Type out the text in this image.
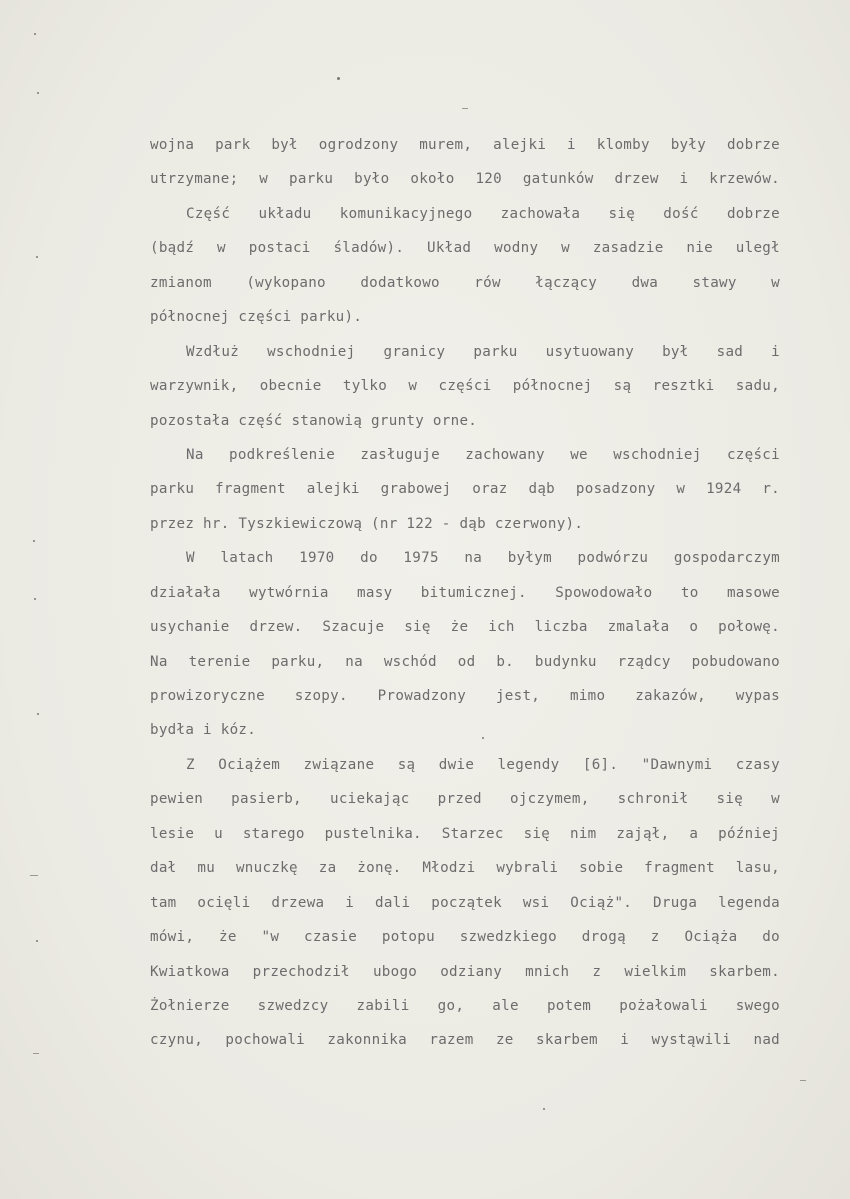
wojna park był ogrodzony murem, alejki i klomby były dobrze
utrzymane; w parku było około 120 gatunków drzew i krzewów.
Część układu komunikacyjnego zachowała się dość dobrze
(bądź w postaci śladów). Układ wodny w zasadzie nie uległ
zmianom (wykopano dodatkowo rów łączący dwa stawy w
północnej części parku).
Wzdłuż wschodniej granicy parku usytuowany był sad i
warzywnik, obecnie tylko w części północnej są resztki sadu,
pozostała część stanowią grunty orne.
Na podkreślenie zasługuje zachowany we wschodniej części
parku fragment alejki grabowej oraz dąb posadzony w 1924 r.
przez hr. Tyszkiewiczową (nr 122 - dąb czerwony).
W latach 1970 do 1975 na byłym podwórzu gospodarczym
działała wytwórnia masy bitumicznej. Spowodowało to masowe
usychanie drzew. Szacuje się że ich liczba zmalała o połowę.
Na terenie parku, na wschód od b. budynku rządcy pobudowano
prowizoryczne szopy. Prowadzony jest, mimo zakazów, wypas
bydła i kóz.
Z Ociążem związane są dwie legendy [6]. "Dawnymi czasy
pewien pasierb, uciekając przed ojczymem, schronił się w
lesie u starego pustelnika. Starzec się nim zajął, a później
dał mu wnuczkę za żonę. Młodzi wybrali sobie fragment lasu,
tam ocięli drzewa i dali początek wsi Ociąż". Druga legenda
mówi, że "w czasie potopu szwedzkiego drogą z Ociąża do
Kwiatkowa przechodził ubogo odziany mnich z wielkim skarbem.
Żołnierze szwedzcy zabili go, ale potem pożałowali swego
czynu, pochowali zakonnika razem ze skarbem i wystąwili nad
